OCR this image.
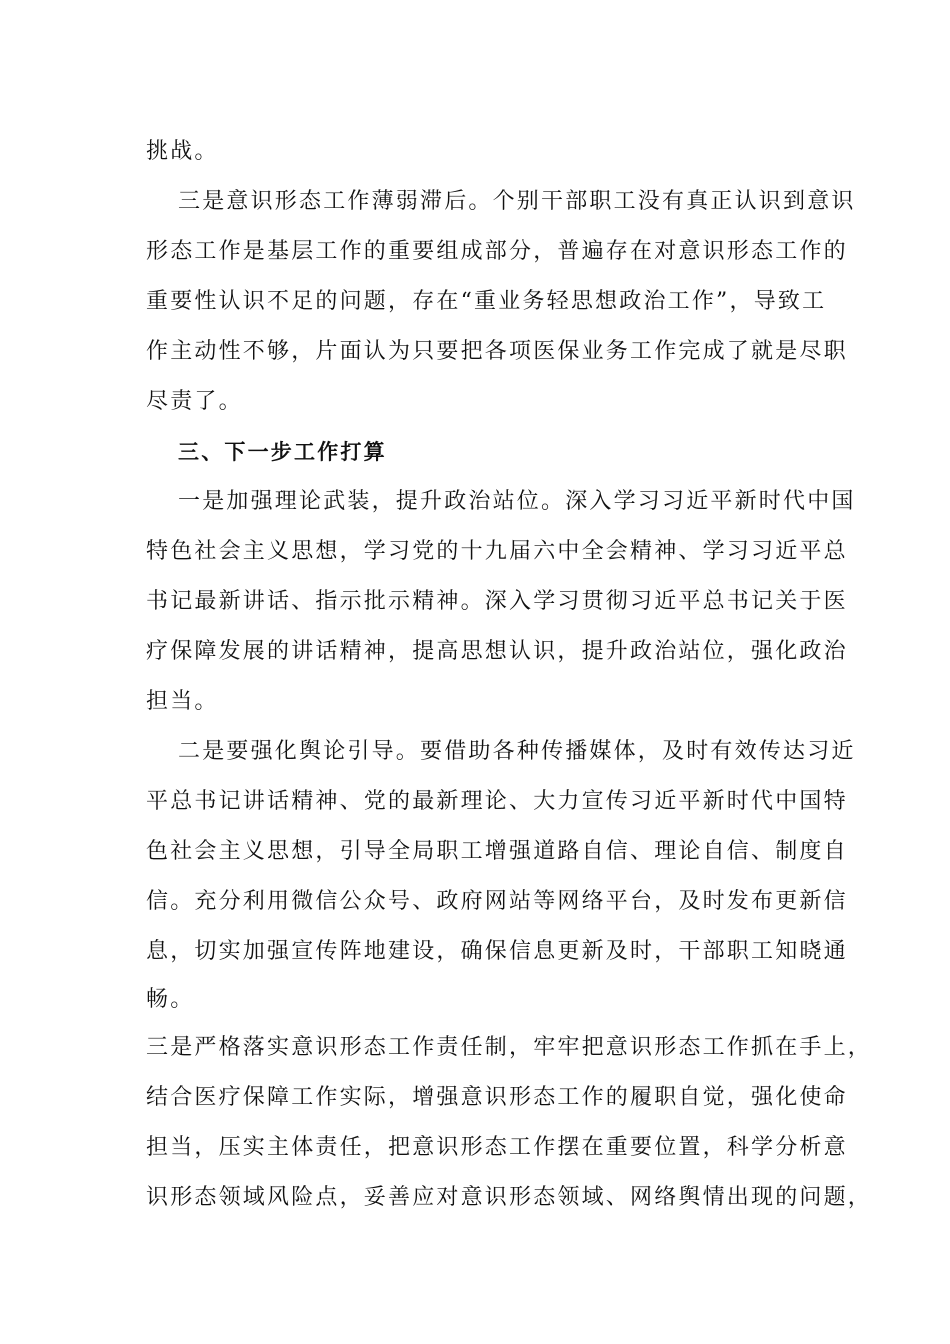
挑战。
三是意识形态工作薄弱滞后。个别干部职工没有真正认识到意识
形态工作是基层工作的重要组成部分，普遍存在对意识形态工作的
重要性认识不足的问题，存在“重业务轻思想政治工作”，导致工
作主动性不够，片面认为只要把各项医保业务工作完成了就是尽职
尽责了。
三、下一步工作打算
一是加强理论武装，提升政治站位。深入学习习近平新时代中国
特色社会主义思想，学习党的十九届六中全会精神、学习习近平总
书记最新讲话、指示批示精神。深入学习贯彻习近平总书记关于医
疗保障发展的讲话精神，提高思想认识，提升政治站位，强化政治
担当。
二是要强化舆论引导。要借助各种传播媒体，及时有效传达习近
平总书记讲话精神、党的最新理论、大力宣传习近平新时代中国特
色社会主义思想，引导全局职工增强道路自信、理论自信、制度自
信。充分利用微信公众号、政府网站等网络平台，及时发布更新信
息，切实加强宣传阵地建设，确保信息更新及时，干部职工知晓通
畅。
三是严格落实意识形态工作责任制，牢牢把意识形态工作抓在手上，
结合医疗保障工作实际，增强意识形态工作的履职自觉，强化使命
担当，压实主体责任，把意识形态工作摆在重要位置，科学分析意
识形态领域风险点，妥善应对意识形态领域、网络舆情出现的问题，
